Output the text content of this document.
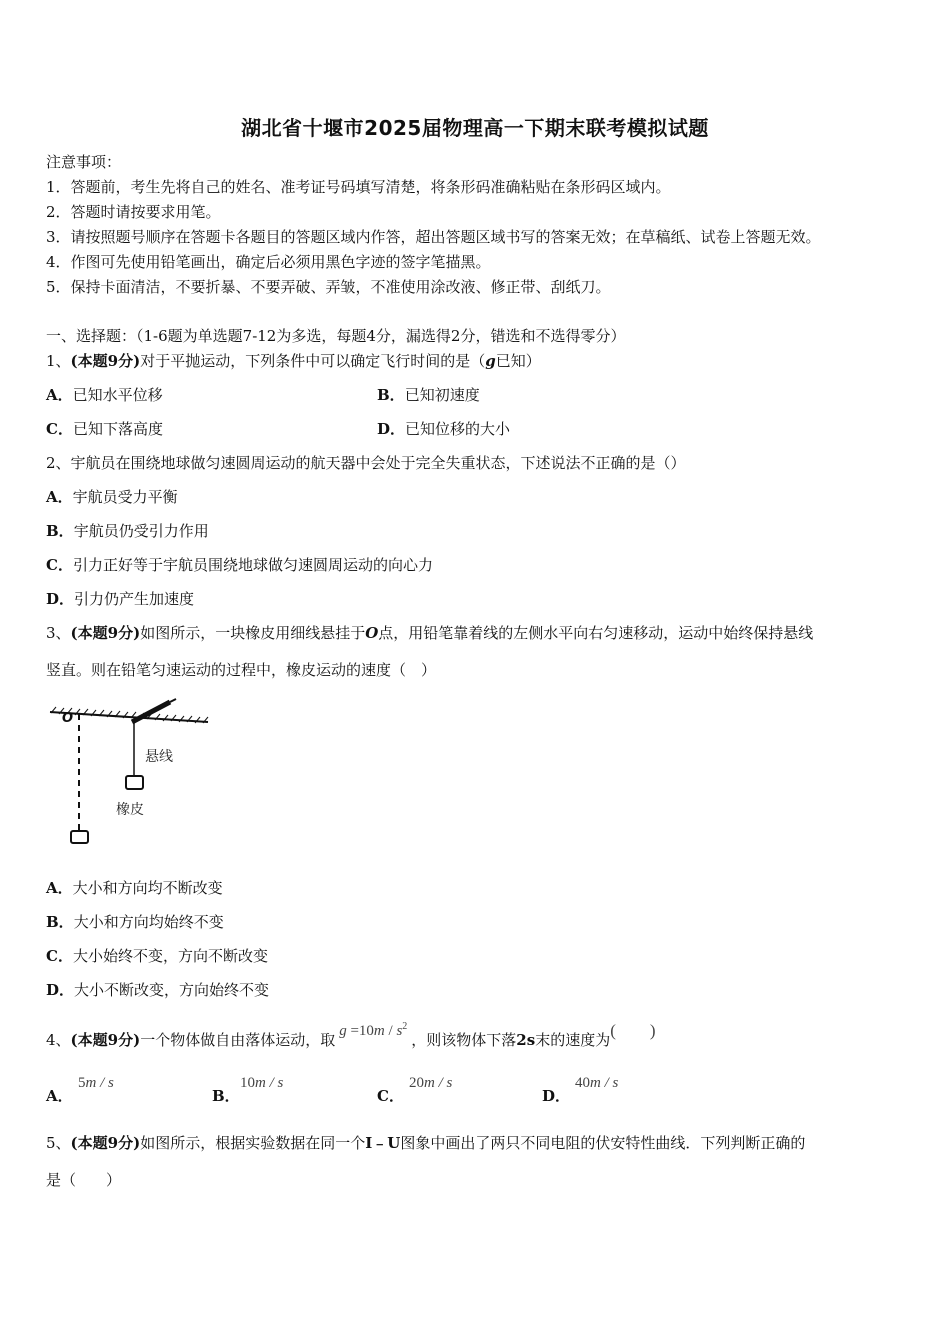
湖北省十堰市2025届物理高一下期末联考模拟试题
注意事项：
1．答题前，考生先将自己的姓名、准考证号码填写清楚，将条形码准确粘贴在条形码区域内。
2．答题时请按要求用笔。
3．请按照题号顺序在答题卡各题目的答题区域内作答，超出答题区域书写的答案无效；在草稿纸、试卷上答题无效。
4．作图可先使用铅笔画出，确定后必须用黑色字迹的签字笔描黑。
5．保持卡面清洁，不要折暴、不要弄破、弄皱，不准使用涂改液、修正带、刮纸刀。
一、选择题：（1-6题为单选题7-12为多选，每题4分，漏选得2分，错选和不选得零分）
1、(本题9分)对于平抛运动，下列条件中可以确定飞行时间的是（g已知）
A．已知水平位移	B．已知初速度
C．已知下落高度	D．已知位移的大小
2、宇航员在围绕地球做匀速圆周运动的航天器中会处于完全失重状态，下述说法不正确的是（）
A．宇航员受力平衡
B．宇航员仍受引力作用
C．引力正好等于宇航员围绕地球做匀速圆周运动的向心力
D．引力仍产生加速度
3、(本题9分)如图所示，一块橡皮用细线悬挂于O点，用铅笔靠着线的左侧水平向右匀速移动，运动中始终保持悬线
竖直。则在铅笔匀速运动的过程中，橡皮运动的速度（　）
O
悬线
橡皮
A．大小和方向均不断改变
B．大小和方向均始终不变
C．大小始终不变，方向不断改变
D．大小不断改变，方向始终不变
4、(本题9分)一个物体做自由落体运动，取 $g =10m / s^2$，则该物体下落2s末的速度为(　　)
A．
5m / s
B．
10m / s
C．
20m / s
D．
40m / s
5、(本题9分)如图所示，根据实验数据在同一个I﹣U图象中画出了两只不同电阻的伏安特性曲线．下列判断正确的
是（　　）
